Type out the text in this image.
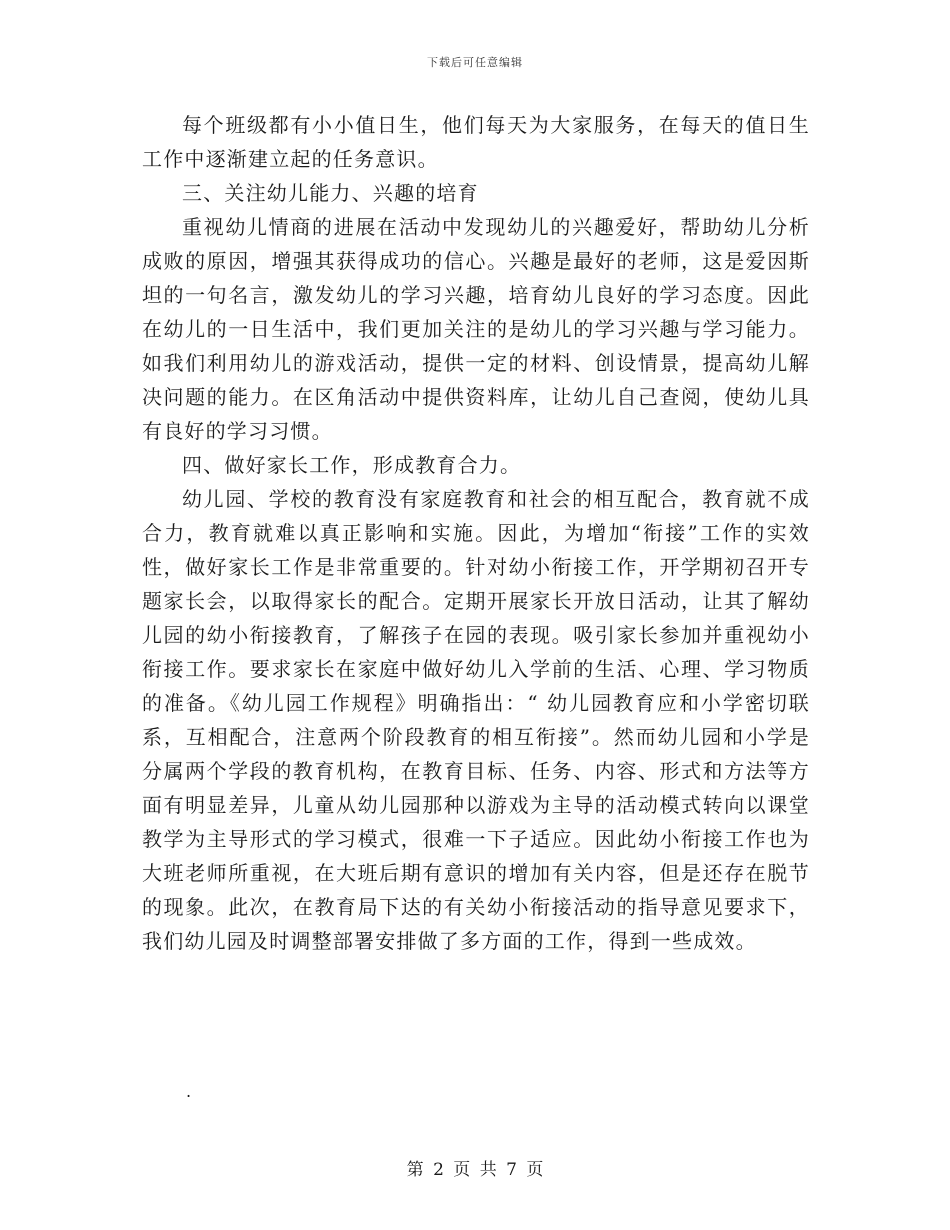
下载后可任意编辑

每个班级都有小小值日生，他们每天为大家服务，在每天的值日生工作中逐渐建立起的任务意识。

三、关注幼儿能力、兴趣的培育

重视幼儿情商的进展在活动中发现幼儿的兴趣爱好，帮助幼儿分析成败的原因，增强其获得成功的信心。兴趣是最好的老师，这是爱因斯坦的一句名言，激发幼儿的学习兴趣，培育幼儿良好的学习态度。因此在幼儿的一日生活中，我们更加关注的是幼儿的学习兴趣与学习能力。如我们利用幼儿的游戏活动，提供一定的材料、创设情景，提高幼儿解决问题的能力。在区角活动中提供资料库，让幼儿自己查阅，使幼儿具有良好的学习习惯。

四、做好家长工作，形成教育合力。

幼儿园、学校的教育没有家庭教育和社会的相互配合，教育就不成合力，教育就难以真正影响和实施。因此，为增加“衔接”工作的实效性，做好家长工作是非常重要的。针对幼小衔接工作，开学期初召开专题家长会，以取得家长的配合。定期开展家长开放日活动，让其了解幼儿园的幼小衔接教育，了解孩子在园的表现。吸引家长参加并重视幼小衔接工作。要求家长在家庭中做好幼儿入学前的生活、心理、学习物质的准备。《幼儿园工作规程》明确指出：“ 幼儿园教育应和小学密切联系，互相配合，注意两个阶段教育的相互衔接”。然而幼儿园和小学是分属两个学段的教育机构，在教育目标、任务、内容、形式和方法等方面有明显差异，儿童从幼儿园那种以游戏为主导的活动模式转向以课堂教学为主导形式的学习模式，很难一下子适应。因此幼小衔接工作也为大班老师所重视，在大班后期有意识的增加有关内容，但是还存在脱节的现象。此次，在教育局下达的有关幼小衔接活动的指导意见要求下，我们幼儿园及时调整部署安排做了多方面的工作，得到一些成效。

.
第 2 页 共 7 页
